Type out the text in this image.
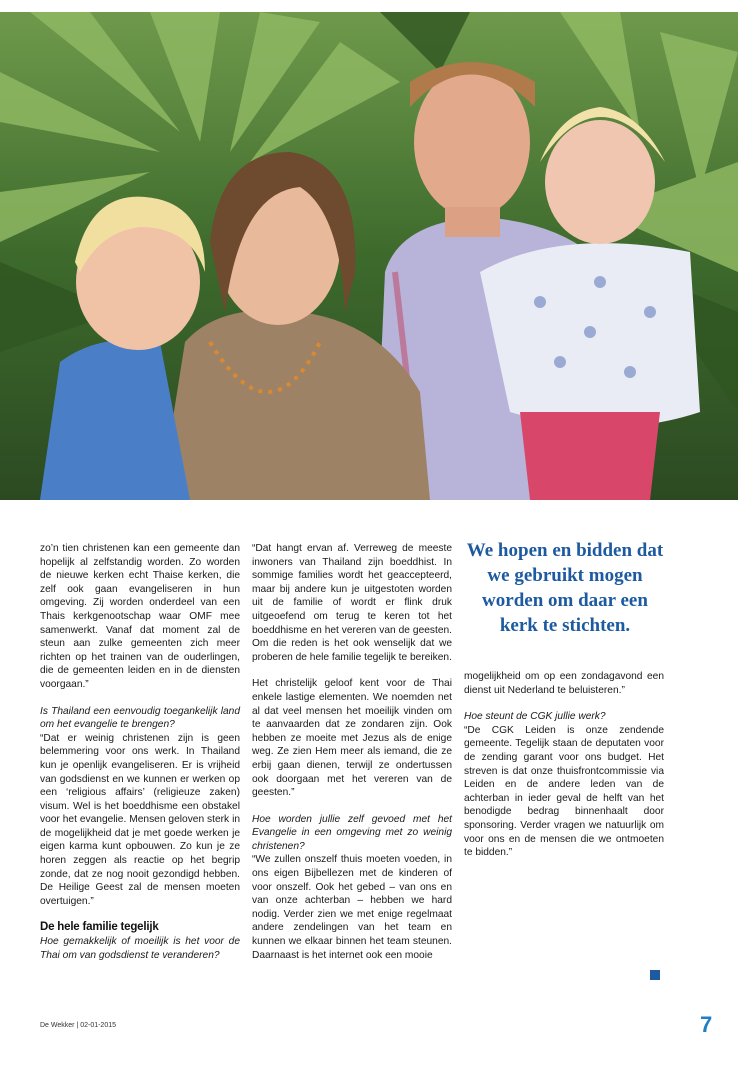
zo’n tien christenen kan een gemeente dan hopelijk al zelfstandig worden. Zo worden de nieuwe kerken echt Thaise kerken, die zelf ook gaan evangeliseren in hun omgeving. Zij worden onderdeel van een Thais kerkgenootschap waar OMF mee samenwerkt. Vanaf dat moment zal de steun aan zulke gemeenten zich meer richten op het trainen van de ouderlingen, die de gemeenten leiden en in de diensten voorgaan.”

Is Thailand een eenvoudig toegankelijk land om het evangelie te brengen?

“Dat er weinig christenen zijn is geen belemmering voor ons werk. In Thailand kun je openlijk evangeliseren. Er is vrijheid van godsdienst en we kunnen er werken op een ‘religious affairs’ (religieuze zaken) visum. Wel is het boeddhisme een obstakel voor het evangelie. Mensen geloven sterk in de mogelijkheid dat je met goede werken je eigen karma kunt opbouwen. Zo kun je ze horen zeggen als reactie op het begrip zonde, dat ze nog nooit gezondigd hebben. De Heilige Geest zal de mensen moeten overtuigen.”

De hele familie tegelijk

Hoe gemakkelijk of moeilijk is het voor de Thai om van godsdienst te veranderen?

“Dat hangt ervan af. Verreweg de meeste inwoners van Thailand zijn boeddhist. In sommige families wordt het geaccepteerd, maar bij andere kun je uitgestoten worden uit de familie of wordt er flink druk uitgeoefend om terug te keren tot het boeddhisme en het vereren van de geesten. Om die reden is het ook wenselijk dat we proberen de hele familie tegelijk te bereiken.

Het christelijk geloof kent voor de Thai enkele lastige elementen. We noemden net al dat veel mensen het moeilijk vinden om te aanvaarden dat ze zondaren zijn. Ook hebben ze moeite met Jezus als de enige weg. Ze zien Hem meer als iemand, die ze erbij gaan dienen, terwijl ze ondertussen ook doorgaan met het vereren van de geesten.”

Hoe worden jullie zelf gevoed met het Evangelie in een omgeving met zo weinig christenen?

“We zullen onszelf thuis moeten voeden, in ons eigen Bijbellezen met de kinderen of voor onszelf. Ook het gebed – van ons en van onze achterban – hebben we hard nodig. Verder zien we met enige regelmaat andere zendelingen van het team en kunnen we elkaar binnen het team steunen. Daarnaast is het internet ook een mooie

We hopen en bidden dat we gebruikt mogen worden om daar een kerk te stichten.

mogelijkheid om op een zondagavond een dienst uit Nederland te beluisteren.”

Hoe steunt de CGK jullie werk?

“De CGK Leiden is onze zendende gemeente. Tegelijk staan de deputaten voor de zending garant voor ons budget. Het streven is dat onze thuisfrontcommissie via Leiden en de andere leden van de achterban in ieder geval de helft van het benodigde bedrag binnenhaalt door sponsoring. Verder vragen we natuurlijk om voor ons en de mensen die we ontmoeten te bidden.”

De Wekker | 02-01-2015	7
